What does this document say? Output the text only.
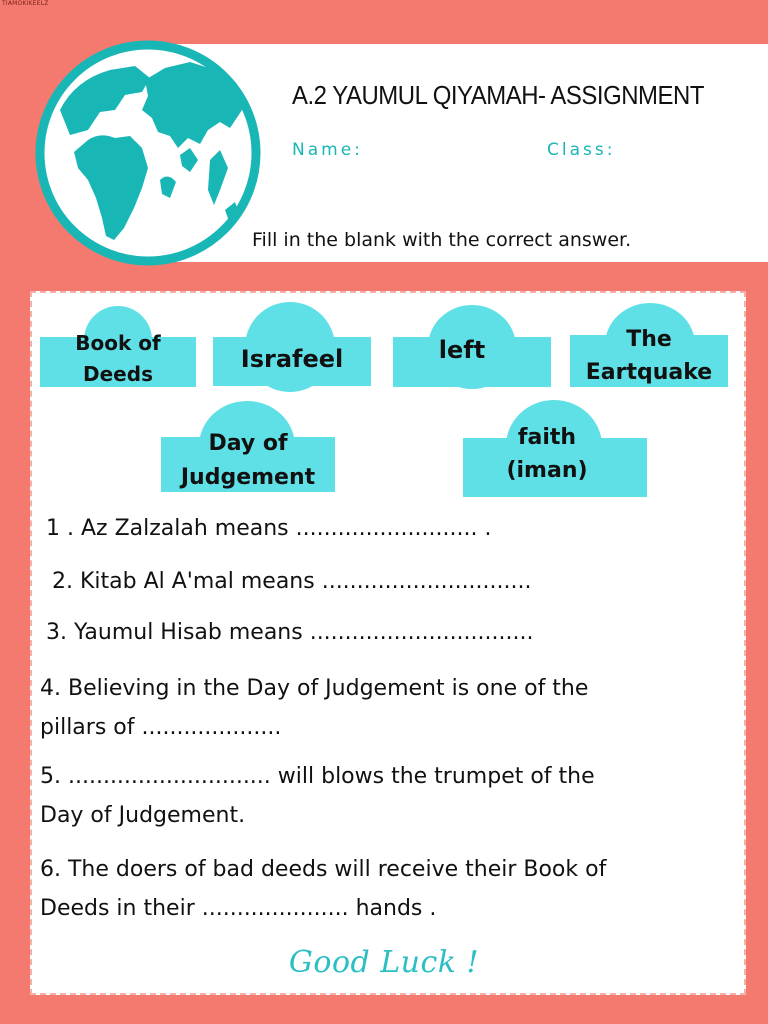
TIAMOKIKEELZ
A.2 YAUMUL QIYAMAH- ASSIGNMENT
Name:	Class:
Fill in the blank with the correct answer.
Book of
Deeds
Israfeel	left	The
Eartquake
Day of
Judgement
faith
(iman)
1 . Az Zalzalah means .......................... .
2. Kitab Al A'mal means ..............................
3. Yaumul Hisab means ................................
4. Believing in the Day of Judgement is one of the
pillars of ....................
5. ............................. will blows the trumpet of the
Day of Judgement.
6. The doers of bad deeds will receive their Book of
Deeds in their ..................... hands .
Good Luck !
